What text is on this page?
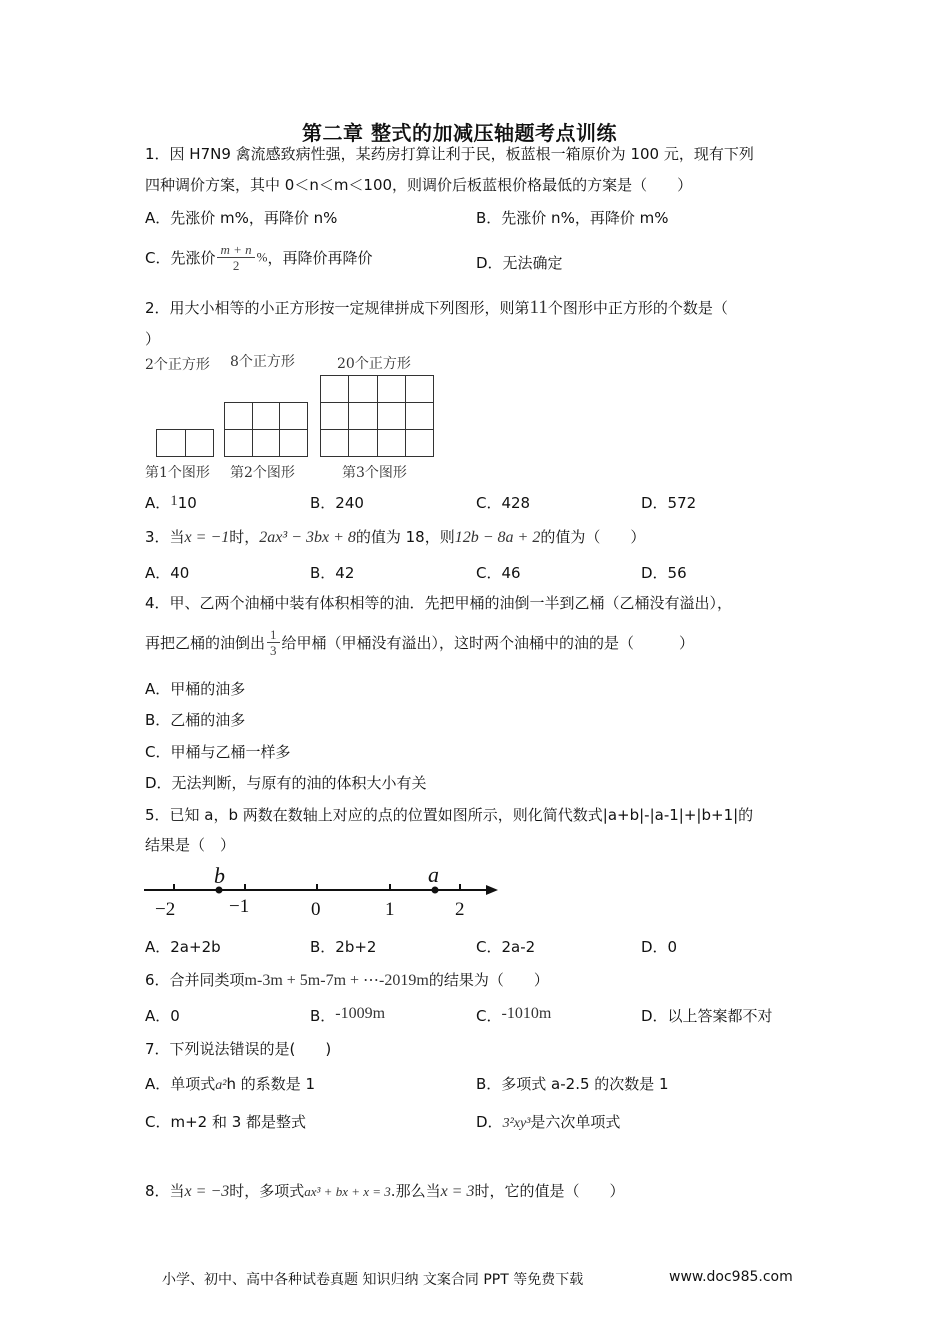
第二章 整式的加减压轴题考点训练
1．因 H7N9 禽流感致病性强，某药房打算让利于民，板蓝根一箱原价为 100 元，现有下列
四种调价方案，其中 0＜n＜m＜100，则调价后板蓝根价格最低的方案是（　　）
A．先涨价 m%，再降价 n%	B．先涨价 n%，再降价 m%
C．先涨价 $\frac{m + n}{2}$ %，再降价再降价	D．无法确定
2．用大小相等的小正方形按一定规律拼成下列图形，则第11个图形中正方形的个数是（
）
2个正方形 8个正方形	20个正方形

第1个图形 第2个图形	第3个图形
A．110	B．240	C．428	D．572
3．当x = −1时，2ax³ − 3bx + 8的值为 18，则12b − 8a + 2的值为（　　）
A．40	B．42	C．46	D．56
4．甲、乙两个油桶中装有体积相等的油．先把甲桶的油倒一半到乙桶（乙桶没有溢出），
再把乙桶的油倒出 $\frac{1}{3}$ 给甲桶（甲桶没有溢出），这时两个油桶中的油的是（　　　）
A．甲桶的油多
B．乙桶的油多
C．甲桶与乙桶一样多
D．无法判断，与原有的油的体积大小有关
5．已知 a，b 两数在数轴上对应的点的位置如图所示，则化简代数式|a+b|-|a-1|+|b+1|的
结果是（　）
b
−2	−1	0	1	2
a
A．2a+2b	B．2b+2	C．2a-2	D．0
6．合并同类项m-3m + 5m-7m + ⋯-2019m的结果为（　　）
A．0	B．-1009m	C．-1010m	D．以上答案都不对
7．下列说法错误的是(　　)
A．单项式a²h 的系数是 1	B．多项式 a-2.5 的次数是 1
C．m+2 和 3 都是整式	D．3²xy³是六次单项式
8．当x = −3时，多项式ax³ + bx + x = 3.那么当x = 3时，它的值是（　　）
小学、初中、高中各种试卷真题 知识归纳 文案合同 PPT 等免费下载	www.doc985.com
